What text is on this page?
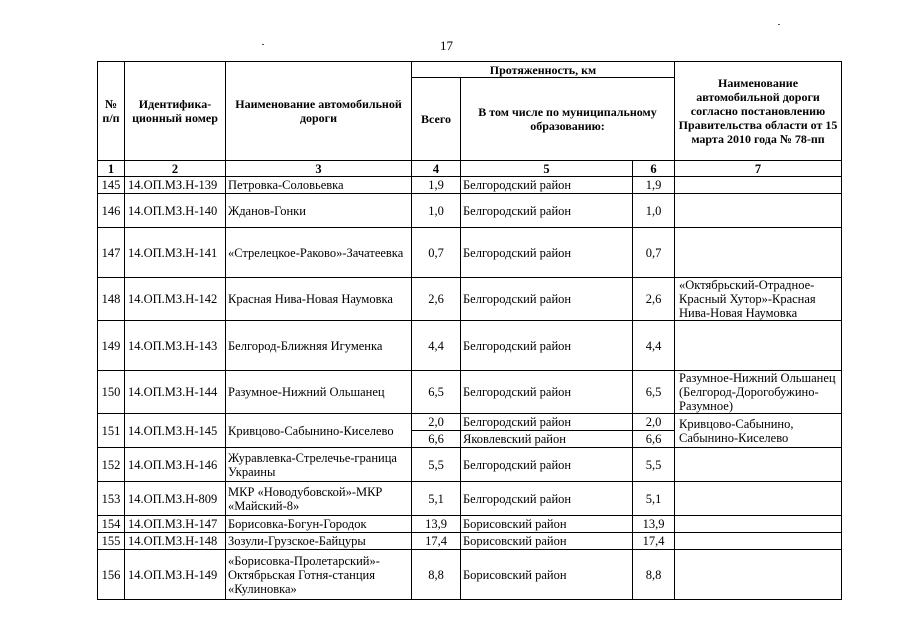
17
№ п/п	Идентифика-ционный номер	Наименование автомобильной дороги	Протяженность, км			Наименование автомобильной дороги согласно постановлению Правительства области от 15 марта 2010 года № 78-пп
			Всего	В том числе по муниципальному образованию:		
1	2	3	4	5	6	7
145	14.ОП.МЗ.Н-139	Петровка-Соловьевка	1,9	Белгородский район	1,9	
146	14.ОП.МЗ.Н-140	Жданов-Гонки	1,0	Белгородский район	1,0	
147	14.ОП.МЗ.Н-141	«Стрелецкое-Раково»-Зачатеевка	0,7	Белгородский район	0,7	
148	14.ОП.МЗ.Н-142	Красная Нива-Новая Наумовка	2,6	Белгородский район	2,6	«Октябрьский-Отрадное-Красный Хутор»-Красная Нива-Новая Наумовка
149	14.ОП.МЗ.Н-143	Белгород-Ближняя Игуменка	4,4	Белгородский район	4,4	
150	14.ОП.МЗ.Н-144	Разумное-Нижний Ольшанец	6,5	Белгородский район	6,5	Разумное-Нижний Ольшанец (Белгород-Дорогобужино-Разумное)
151	14.ОП.МЗ.Н-145	Кривцово-Сабынино-Киселево	2,0	Белгородский район	2,0	Кривцово-Сабынино, Сабынино-Киселево
			6,6	Яковлевский район	6,6	
152	14.ОП.МЗ.Н-146	Журавлевка-Стрелечье-граница Украины	5,5	Белгородский район	5,5	
153	14.ОП.МЗ.Н-809	МКР «Новодубовской»-МКР «Майский-8»	5,1	Белгородский район	5,1	
154	14.ОП.МЗ.Н-147	Борисовка-Богун-Городок	13,9	Борисовский район	13,9	
155	14.ОП.МЗ.Н-148	Зозули-Грузское-Байцуры	17,4	Борисовский район	17,4	
156	14.ОП.МЗ.Н-149	«Борисовка-Пролетарский»-Октябрьская Готня-станция «Кулиновка»	8,8	Борисовский район	8,8	
